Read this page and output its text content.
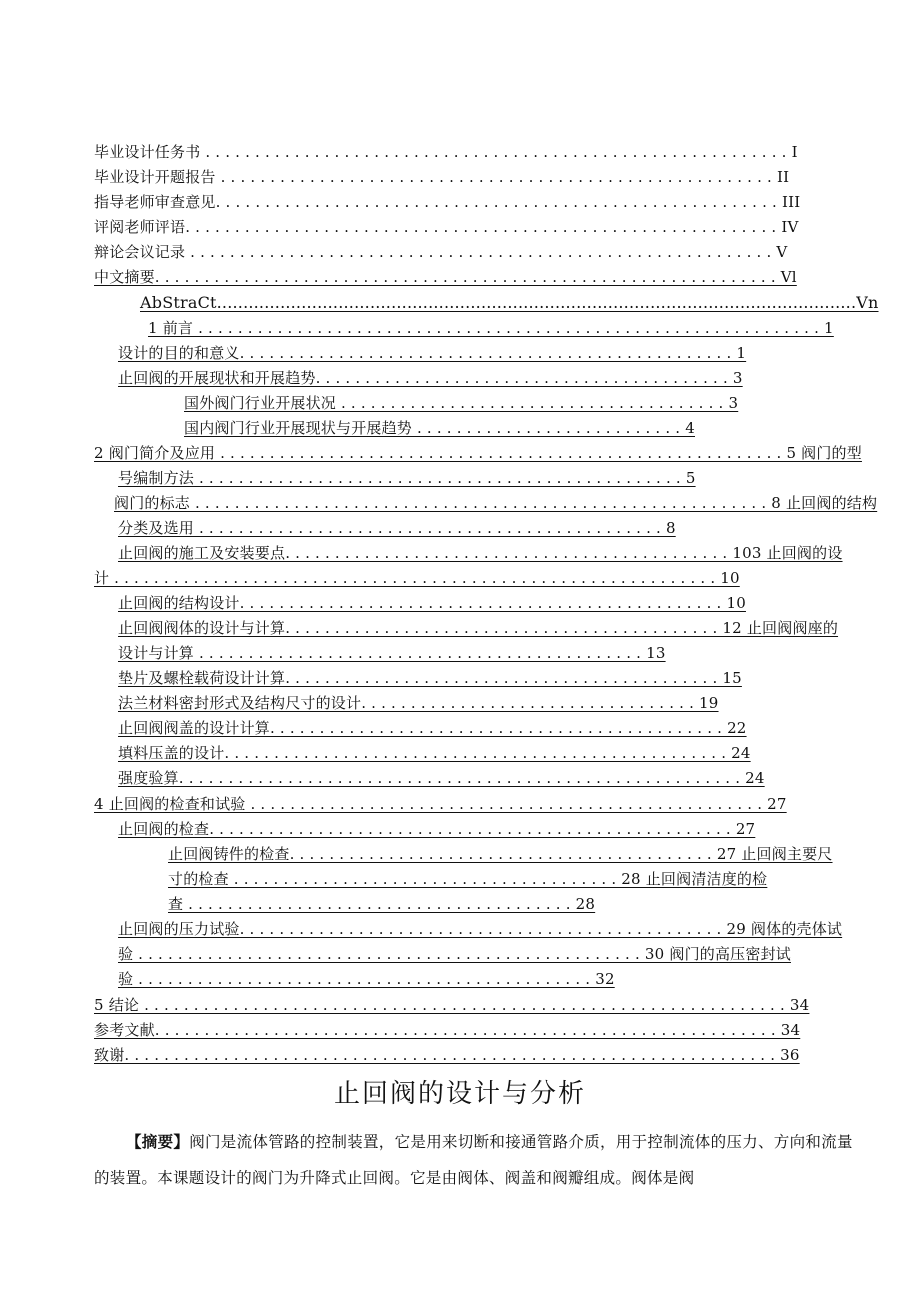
毕业设计任务书 . . . . . . . . . . . . . . . . . . . . . . . . . . . . . . . . . . . . . . . . . . . . . . . . . . . . . . . . . . . I
毕业设计开题报告 . . . . . . . . . . . . . . . . . . . . . . . . . . . . . . . . . . . . . . . . . . . . . . . . . . . . . . . . II
指导老师审查意见. . . . . . . . . . . . . . . . . . . . . . . . . . . . . . . . . . . . . . . . . . . . . . . . . . . . . . . . . III
评阅老师评语. . . . . . . . . . . . . . . . . . . . . . . . . . . . . . . . . . . . . . . . . . . . . . . . . . . . . . . . . . . . IV
辩论会议记录 . . . . . . . . . . . . . . . . . . . . . . . . . . . . . . . . . . . . . . . . . . . . . . . . . . . . . . . . . . . V
中文摘要. . . . . . . . . . . . . . . . . . . . . . . . . . . . . . . . . . . . . . . . . . . . . . . . . . . . . . . . . . . . . . . Vl
AbStraCt.........................................................................................................................Vn
1 前言 . . . . . . . . . . . . . . . . . . . . . . . . . . . . . . . . . . . . . . . . . . . . . . . . . . . . . . . . . . . . . . . 1
设计的目的和意义. . . . . . . . . . . . . . . . . . . . . . . . . . . . . . . . . . . . . . . . . . . . . . . . . . 1
止回阀的开展现状和开展趋势. . . . . . . . . . . . . . . . . . . . . . . . . . . . . . . . . . . . . . . . . . 3
国外阀门行业开展状况 . . . . . . . . . . . . . . . . . . . . . . . . . . . . . . . . . . . . . . . 3
国内阀门行业开展现状与开展趋势 . . . . . . . . . . . . . . . . . . . . . . . . . . . 4
2 阀门简介及应用 . . . . . . . . . . . . . . . . . . . . . . . . . . . . . . . . . . . . . . . . . . . . . . . . . . . . . . . . . 5 阀门的型
号编制方法 . . . . . . . . . . . . . . . . . . . . . . . . . . . . . . . . . . . . . . . . . . . . . . . . . 5
阀门的标志 . . . . . . . . . . . . . . . . . . . . . . . . . . . . . . . . . . . . . . . . . . . . . . . . . . . . . . . . . . 8 止回阀的结构
分类及选用 . . . . . . . . . . . . . . . . . . . . . . . . . . . . . . . . . . . . . . . . . . . . . . . 8
止回阀的施工及安装要点. . . . . . . . . . . . . . . . . . . . . . . . . . . . . . . . . . . . . . . . . . . . . 103 止回阀的设
计 . . . . . . . . . . . . . . . . . . . . . . . . . . . . . . . . . . . . . . . . . . . . . . . . . . . . . . . . . . . . . 10
止回阀的结构设计. . . . . . . . . . . . . . . . . . . . . . . . . . . . . . . . . . . . . . . . . . . . . . . . . 10
止回阀阀体的设计与计算. . . . . . . . . . . . . . . . . . . . . . . . . . . . . . . . . . . . . . . . . . . . 12 止回阀阀座的
设计与计算 . . . . . . . . . . . . . . . . . . . . . . . . . . . . . . . . . . . . . . . . . . . . . 13
垫片及螺栓载荷设计计算. . . . . . . . . . . . . . . . . . . . . . . . . . . . . . . . . . . . . . . . . . . . 15
法兰材料密封形式及结构尺寸的设计. . . . . . . . . . . . . . . . . . . . . . . . . . . . . . . . . . 19
止回阀阀盖的设计计算. . . . . . . . . . . . . . . . . . . . . . . . . . . . . . . . . . . . . . . . . . . . . . 22
填料压盖的设计. . . . . . . . . . . . . . . . . . . . . . . . . . . . . . . . . . . . . . . . . . . . . . . . . . . 24
强度验算. . . . . . . . . . . . . . . . . . . . . . . . . . . . . . . . . . . . . . . . . . . . . . . . . . . . . . . . . 24
4 止回阀的检查和试验 . . . . . . . . . . . . . . . . . . . . . . . . . . . . . . . . . . . . . . . . . . . . . . . . . . . . 27
止回阀的检查. . . . . . . . . . . . . . . . . . . . . . . . . . . . . . . . . . . . . . . . . . . . . . . . . . . . . 27
止回阀铸件的检查. . . . . . . . . . . . . . . . . . . . . . . . . . . . . . . . . . . . . . . . . . . 27 止回阀主要尺
寸的检查 . . . . . . . . . . . . . . . . . . . . . . . . . . . . . . . . . . . . . . . 28 止回阀清洁度的检
查 . . . . . . . . . . . . . . . . . . . . . . . . . . . . . . . . . . . . . . . 28
止回阀的压力试验. . . . . . . . . . . . . . . . . . . . . . . . . . . . . . . . . . . . . . . . . . . . . . . . . 29 阀体的壳体试
验 . . . . . . . . . . . . . . . . . . . . . . . . . . . . . . . . . . . . . . . . . . . . . . . . . . . 30 阀门的高压密封试
验 . . . . . . . . . . . . . . . . . . . . . . . . . . . . . . . . . . . . . . . . . . . . . . 32
5 结论 . . . . . . . . . . . . . . . . . . . . . . . . . . . . . . . . . . . . . . . . . . . . . . . . . . . . . . . . . . . . . . . . . 34
参考文献. . . . . . . . . . . . . . . . . . . . . . . . . . . . . . . . . . . . . . . . . . . . . . . . . . . . . . . . . . . . . . . 34
致谢. . . . . . . . . . . . . . . . . . . . . . . . . . . . . . . . . . . . . . . . . . . . . . . . . . . . . . . . . . . . . . . . . . 36
止回阀的设计与分析
【摘要】阀门是流体管路的控制装置，它是用来切断和接通管路介质，用于控制流体的压力、方向和流量的装置。本课题设计的阀门为升降式止回阀。它是由阀体、阀盖和阀瓣组成。阀体是阀
